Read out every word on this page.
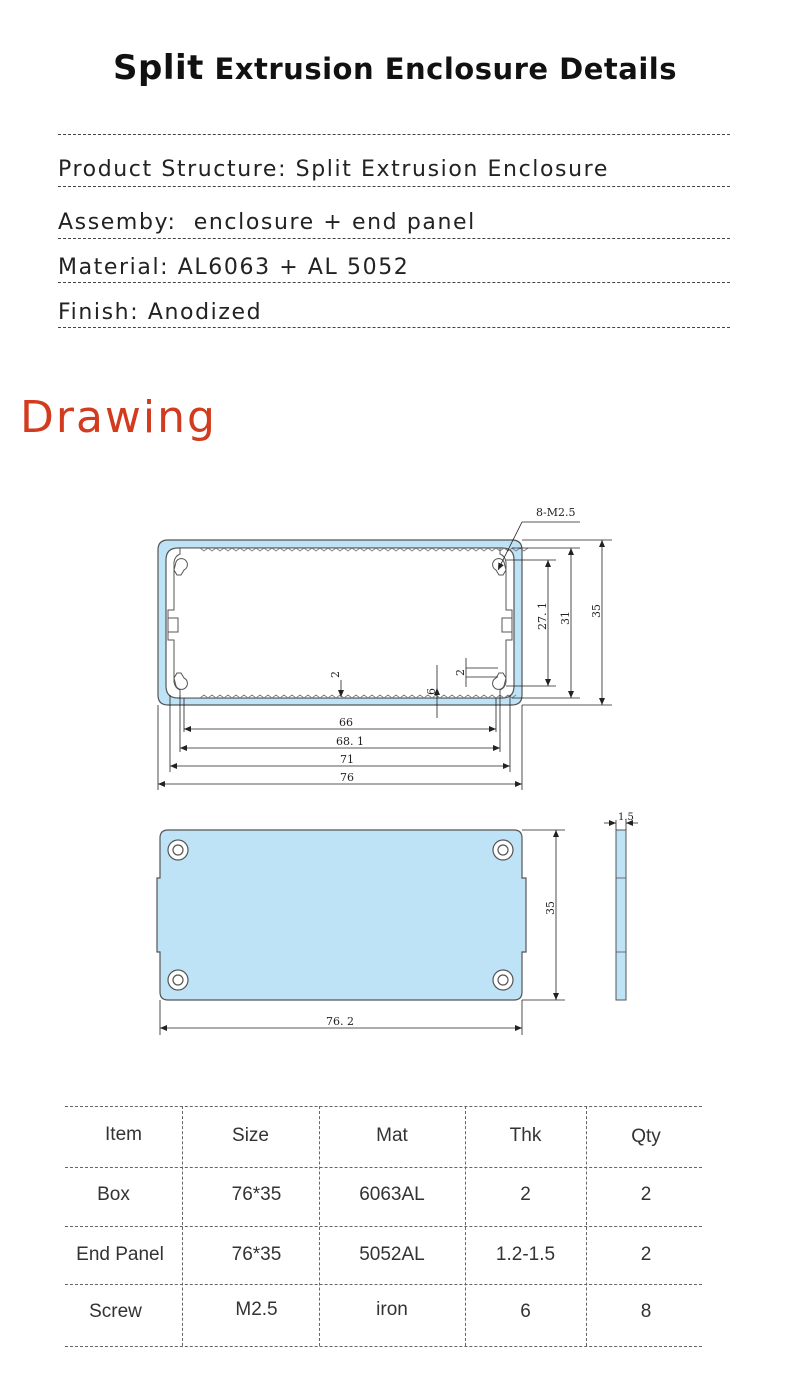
Split Extrusion Enclosure Details
Product Structure: Split Extrusion Enclosure
Assemby: enclosure + end panel
Material: AL6063 + AL 5052
Finish: Anodized
Drawing
8-M2.5
35
31
27. 1
2
6
2
66
68. 1
71
76
35
76. 2
1.5
Item	Size	Mat	Thk	Qty
Box	76*35	6063AL	2	2
End Panel	76*35	5052AL	1.2-1.5	2
Screw	M2.5	iron	6	8
